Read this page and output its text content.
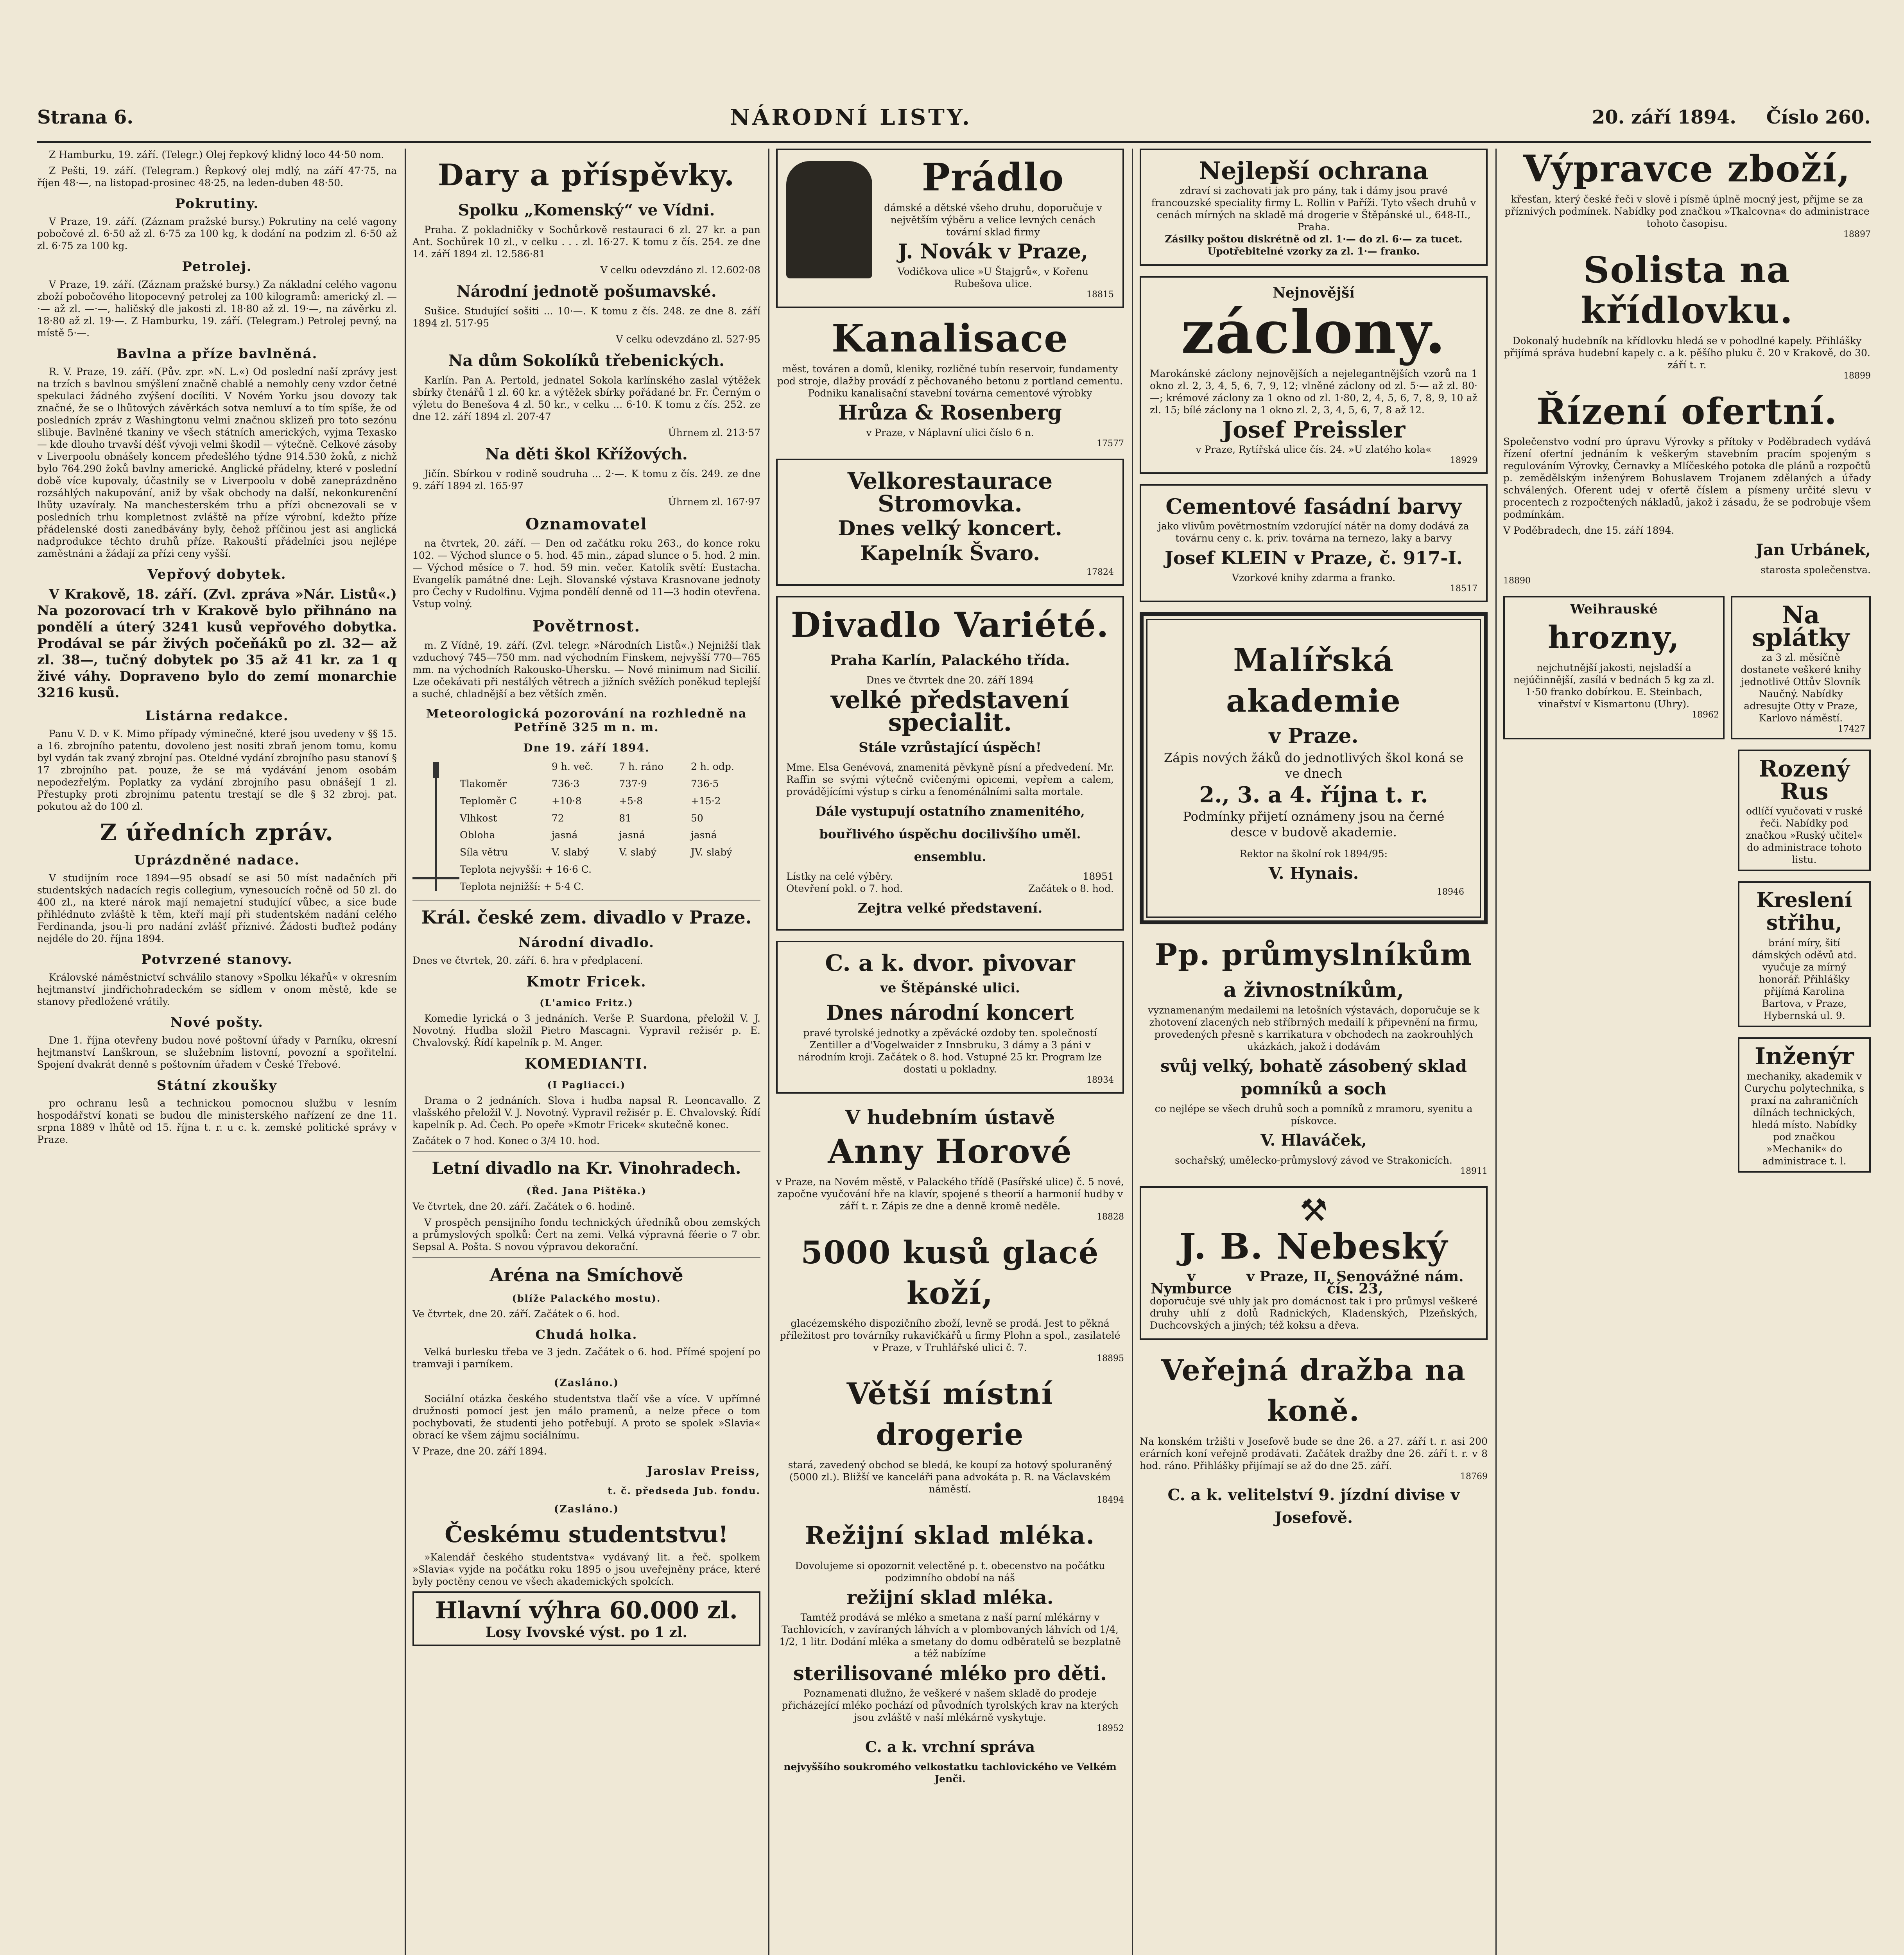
Strana 6.	NÁRODNÍ LISTY.	20. září 1894. Číslo 260.

Z Hamburku, 19. září. (Telegr.) Olej řepkový klidný loco 44·50 nom.

Z Pešti, 19. září. (Telegram.) Řepkový olej mdlý, na září 47·75, na říjen 48·—, na listopad-prosinec 48·25, na leden-duben 48·50.

Pokrutiny.

V Praze, 19. září. (Záznam pražské bursy.) Pokrutiny na celé vagony pobočové zl. 6·50 až zl. 6·75 za 100 kg, k dodání na podzim zl. 6·50 až zl. 6·75 za 100 kg.

Petrolej.

V Praze, 19. září. (Záznam pražské bursy.) Za nákladní celého vagonu zboží pobočového litopocevný petrolej za 100 kilogramů: americký zl. —·— až zl. —·—, haličský dle jakosti zl. 18·80 až zl. 19·—, na závěrku zl. 18·80 až zl. 19·—. Z Hamburku, 19. září. (Telegram.) Petrolej pevný, na místě 5·—.

Bavlna a příze bavlněná.

R. V. Praze, 19. září. (Pův. zpr. »N. L.«) Od poslední naší zprávy jest na trzích s bavlnou smýšlení značně chablé a nemohly ceny vzdor četné spekulaci žádného zvýšení docíliti. V Novém Yorku jsou dovozy tak značné, že se o lhůtových závěrkách sotva nemluví a to tím spíše, že od posledních zpráv z Washingtonu velmi značnou sklizeň pro toto sezónu slibuje. Bavlněné tkaniny ve všech státních amerických, vyjma Texasko — kde dlouho trvavší déšť vývoji velmi škodil — výtečně. Celkové zásoby v Liverpoolu obnášely koncem předešlého týdne 914.530 žoků, z nichž bylo 764.290 žoků bavlny americké. Anglické přádelny, které v poslední době více kupovaly, účastnily se v Liverpoolu v době zaneprázdněno rozsáhlých nakupování, aniž by však obchody na další, nekonkurenční lhůty uzavíraly. Na manchesterském trhu a přízi obcnezovali se v posledních trhu kompletnost zvláště na příze výrobní, kdežto příze přádelenské dosti zanedbávány byly, čehož příčinou jest asi anglická nadprodukce těchto druhů příze. Rakouští přádelníci jsou nejlépe zaměstnáni a žádají za přízi ceny vyšší.

Vepřový dobytek.

V Krakově, 18. září. (Zvl. zpráva »Nár. Listů«.) Na pozorovací trh v Krakově bylo přihnáno na pondělí a úterý 3241 kusů vepřového dobytka. Prodával se pár živých počeňáků po zl. 32— až zl. 38—, tučný dobytek po 35 až 41 kr. za 1 q živé váhy. Dopraveno bylo do zemí monarchie 3216 kusů.

Listárna redakce.

Panu V. D. v K. Mimo případy výminečné, které jsou uvedeny v §§ 15. a 16. zbrojního patentu, dovoleno jest nositi zbraň jenom tomu, komu byl vydán tak zvaný zbrojní pas. Oteldné vydání zbrojního pasu stanoví § 17 zbrojního pat. pouze, že se má vydávání jenom osobám nepodezřelým. Poplatky za vydání zbrojního pasu obnášejí 1 zl. Přestupky proti zbrojnímu patentu trestají se dle § 32 zbroj. pat. pokutou až do 100 zl.

Z úředních zpráv.
Uprázdněné nadace.

V studijním roce 1894—95 obsadí se asi 50 míst nadačních při studentských nadacích regis collegium, vynesoucích ročně od 50 zl. do 400 zl., na které nárok mají nemajetní studující vůbec, a sice bude přihlédnuto zvláště k těm, kteří mají při studentském nadání celého Ferdinanda, jsou-li pro nadání zvlášť příznivé. Žádosti buďtež podány nejdéle do 20. října 1894.

Potvrzené stanovy.

Královské náměstnictví schválilo stanovy »Spolku lékařů« v okresním hejtmanství jindřichohradeckém se sídlem v onom městě, kde se stanovy předložené vrátily.

Nové pošty.

Dne 1. října otevřeny budou nové poštovní úřady v Parníku, okresní hejtmanství Lanškroun, se služebním listovní, povozní a spořitelní. Spojení dvakrát denně s poštovním úřadem v České Třebové.

Státní zkoušky

pro ochranu lesů a technickou pomocnou službu v lesním hospodářství konati se budou dle ministerského nařízení ze dne 11. srpna 1889 v lhůtě od 15. října t. r. u c. k. zemské politické správy v Praze.

Dary a příspěvky.
Spolku „Komenský“ ve Vídni.

Praha. Z pokladničky v Sochůrkově restauraci 6 zl. 27 kr. a pan Ant. Sochůrek 10 zl., v celku . . . zl. 16·27. K tomu z čís. 254. ze dne 14. září 1894 zl. 12.586·81

V celku odevzdáno zl. 12.602·08
Národní jednotě pošumavské.

Sušice. Studující sošiti ... 10·—. K tomu z čís. 248. ze dne 8. září 1894 zl. 517·95

V celku odevzdáno zl. 527·95
Na dům Sokolíků třebenických.

Karlín. Pan A. Pertold, jednatel Sokola karlínského zaslal výtěžek sbírky čtenářů 1 zl. 60 kr. a výtěžek sbírky pořádané br. Fr. Černým o výletu do Benešova 4 zl. 50 kr., v celku ... 6·10. K tomu z čís. 252. ze dne 12. září 1894 zl. 207·47

Úhrnem zl. 213·57
Na děti škol Křížových.

Jičín. Sbírkou v rodině soudruha ... 2·—. K tomu z čís. 249. ze dne 9. září 1894 zl. 165·97

Úhrnem zl. 167·97
Oznamovatel

na čtvrtek, 20. září. — Den od začátku roku 263., do konce roku 102. — Východ slunce o 5. hod. 45 min., západ slunce o 5. hod. 2 min. — Východ měsíce o 7. hod. 59 min. večer. Katolík světí: Eustacha. Evangelík památné dne: Lejh. Slovanské výstava Krasnovane jednoty pro Čechy v Rudolfinu. Vyjma pondělí denně od 11—3 hodin otevřena. Vstup volný.

Povětrnost.

m. Z Vídně, 19. září. (Zvl. telegr. »Národních Listů«.) Nejnižší tlak vzduchový 745—750 mm. nad východním Finskem, nejvyšší 770—765 mm. na východních Rakousko-Uhersku. — Nové minimum nad Sicilií. Lze očekávati při nestálých větrech a jižních svěžích poněkud teplejší a suché, chladnější a bez větších změn.

Meteorologická pozorování na rozhledně na Petříně 325 m n. m.
Dne 19. září 1894.
	9 h. več.	7 h. ráno	2 h. odp.
Tlakoměr	736·3	737·9	736·5
Teploměr C	+10·8	+5·8	+15·2
Vlhkost	72	81	50
Obloha	jasná	jasná	jasná
Síla větru	V. slabý	V. slabý	JV. slabý
Teplota nejvyšší: + 16·6 C.			
Teplota nejnižší: + 5·4 C.			
Král. české zem. divadlo v Praze.
Národní divadlo.

Dnes ve čtvrtek, 20. září. 6. hra v předplacení.

Kmotr Fricek.
(L'amico Fritz.)

Komedie lyrická o 3 jednáních. Verše P. Suardona, přeložil V. J. Novotný. Hudba složil Pietro Mascagni. Vypravil režisér p. E. Chvalovský. Řídí kapelník p. M. Anger.

KOMEDIANTI.
(I Pagliacci.)

Drama o 2 jednáních. Slova i hudba napsal R. Leoncavallo. Z vlašského přeložil V. J. Novotný. Vypravil režisér p. E. Chvalovský. Řídí kapelník p. Ad. Čech. Po opeře »Kmotr Fricek« skutečně konec.

Začátek o 7 hod. Konec o 3/4 10. hod.

Letní divadlo na Kr. Vinohradech.
(Řed. Jana Pištěka.)

Ve čtvrtek, dne 20. září. Začátek o 6. hodině.

V prospěch pensijního fondu technických úředníků obou zemských a průmyslových spolků: Čert na zemi. Velká výpravná féerie o 7 obr. Sepsal A. Pošta. S novou výpravou dekorační.

Aréna na Smíchově
(blíže Palackého mostu).

Ve čtvrtek, dne 20. září. Začátek o 6. hod.

Chudá holka.

Velká burlesku třeba ve 3 jedn. Začátek o 6. hod. Přímé spojení po tramvaji i parníkem.

(Zasláno.)

Sociální otázka českého studentstva tlačí vše a více. V upřímné družnosti pomocí jest jen málo pramenů, a nelze přece o tom pochybovati, že studenti jeho potřebují. A proto se spolek »Slavia« obrací ke všem zájmu sociálnímu.

V Praze, dne 20. září 1894.

Jaroslav Preiss,
t. č. předseda Jub. fondu.
(Zasláno.)
Českému studentstvu!

»Kalendář českého studentstva« vydávaný lit. a řeč. spolkem »Slavia« vyjde na počátku roku 1895 o jsou uveřejněny práce, které byly poctěny cenou ve všech akademických spolcích.

Hlavní výhra 60.000 zl.
Losy Ivovské výst. po 1 zl.
Prádlo
dámské a dětské všeho druhu, doporučuje v největším výběru a velice levných cenách tovární sklad firmy
J. Novák v Praze,
Vodičkova ulice »U Štajgrů«, v Kořenu Rubešova ulice.
18815
Kanalisace
měst, továren a domů, kleniky, rozličné tubín reservoir, fundamenty pod stroje, dlažby provádí z pěchovaného betonu z portland cementu. Podniku kanalisační stavební továrna cementové výrobky
Hrůza & Rosenberg
v Praze, v Náplavní ulici číslo 6 n.
17577
Velkorestaurace Stromovka.
Dnes velký koncert.
Kapelník Švaro.
17824
Divadlo Variété.
Praha Karlín, Palackého třída.
Dnes ve čtvrtek dne 20. září 1894
velké představení specialit.
Stále vzrůstající úspěch!
Mme. Elsa Genévová, znamenitá pěvkyně písní a předvedení. Mr. Raffin se svými výtečně cvičenými opicemi, vepřem a calem, provádějícími výstup s cirku a fenoménálními salta mortale.
Dále vystupují ostatního znamenitého, bouřlivého úspěchu docilivšího uměl. ensemblu.
Lístky na celé výběry.	18951
Otevření pokl. o 7. hod.	Začátek o 8. hod.
Zejtra velké představení.
C. a k. dvor. pivovar
ve Štěpánské ulici.
Dnes národní koncert
pravé tyrolské jednotky a zpěvácké ozdoby ten. společností Zentiller a d'Vogelwaider z Innsbruku, 3 dámy a 3 páni v národním kroji. Začátek o 8. hod. Vstupné 25 kr. Program lze dostati u pokladny.
18934
V hudebním ústavě
Anny Horové
v Praze, na Novém městě, v Palackého třídě (Pasířské ulice) č. 5 nové, započne vyučování hře na klavír, spojené s theorií a harmonií hudby v září t. r. Zápis ze dne a denně kromě neděle.
18828
5000 kusů glacé koží,
glacézemského dispozičního zboží, levně se prodá. Jest to pěkná příležitost pro továrníky rukavičkářů u firmy Plohn a spol., zasilatelé v Praze, v Truhlářské ulici č. 7.
18895
Větší místní drogerie
stará, zavedený obchod se bledá, ke koupí za hotový spoluraněný (5000 zl.). Bližší ve kanceláři pana advokáta p. R. na Václavském náměstí.
18494
Režijní sklad mléka.
Dovolujeme si opozornit velectěné p. t. obecenstvo na počátku podzimního období na náš
režijní sklad mléka.
Tamtéž prodává se mléko a smetana z naší parní mlékárny v Tachlovicích, v zavíraných láhvích a v plombovaných láhvích od 1/4, 1/2, 1 litr. Dodání mléka a smetany do domu odběratelů se bezplatně a též nabízíme
sterilisované mléko pro děti.
Poznamenati dlužno, že veškeré v našem skladě do prodeje přicházející mléko pochází od původních tyrolských krav na kterých jsou zvláště v naší mlékárně vyskytuje.
18952
C. a k. vrchní správa
nejvyššího soukromého velkostatku tachlovického ve Velkém Jenči.
Nejlepší ochrana
zdraví si zachovati jak pro pány, tak i dámy jsou pravé francouzské speciality firmy L. Rollin v Paříži. Tyto všech druhů v cenách mírných na skladě má drogerie v Štěpánské ul., 648-II., Praha.
Zásilky poštou diskrétně od zl. 1·— do zl. 6·— za tucet. Upotřebitelné vzorky za zl. 1·— franko.
Nejnovější
záclony.
Marokánské záclony nejnovějších a nejelegantnějších vzorů na 1 okno zl. 2, 3, 4, 5, 6, 7, 9, 12; vlněné záclony od zl. 5·— až zl. 80·—; krémové záclony za 1 okno od zl. 1·80, 2, 4, 5, 6, 7, 8, 9, 10 až zl. 15; bílé záclony na 1 okno zl. 2, 3, 4, 5, 6, 7, 8 až 12.
Josef Preissler
v Praze, Rytířská ulice čís. 24. »U zlatého kola«
18929
Cementové fasádní barvy
jako vlivům povětrnostním vzdorující nátěr na domy dodává za továrnu ceny c. k. priv. továrna na ternezo, laky a barvy
Josef KLEIN v Praze, č. 917-I.
Vzorkové knihy zdarma a franko.
18517
Malířská akademie
v Praze.
Zápis nových žáků do jednotlivých škol koná se ve dnech
2., 3. a 4. října t. r.
Podmínky přijetí oznámeny jsou na černé desce v budově akademie.
Rektor na školní rok 1894/95:
V. Hynais.
18946
Pp. průmyslníkům
a živnostníkům,
vyznamenaným medailemi na letošních výstavách, doporučuje se k zhotovení zlacených neb stříbrných medailí k připevnění na firmu, provedených přesně s karrikatura v obchodech na zaokrouhlých ukázkách, jakož i dodávám
svůj velký, bohatě zásobený sklad pomníků a soch
co nejlépe se všech druhů soch a pomníků z mramoru, syenitu a pískovce.
V. Hlaváček,
sochařský, umělecko-průmyslový závod ve Strakonicích.
18911
⚒
J. B. Nebeský
v Nymburce
v Praze, II, Senovážné nám. čís. 23,
doporučuje své uhly jak pro domácnost tak i pro průmysl veškeré druhy uhlí z dolů Radnických, Kladenských, Plzeňských, Duchcovských a jiných; též koksu a dřeva.
Veřejná dražba na koně.
Na konském tržišti v Josefově bude se dne 26. a 27. září t. r. asi 200 erárních koní veřejně prodávati. Začátek dražby dne 26. září t. r. v 8 hod. ráno. Přihlášky přijímají se až do dne 25. září.
18769
C. a k. velitelství 9. jízdní divise v Josefově.
Výpravce zboží,
křesťan, který české řeči v slově i písmě úplně mocný jest, přijme se za příznivých podmínek. Nabídky pod značkou »Tkalcovna« do administrace tohoto časopisu.
18897
Solista na křídlovku.
Dokonalý hudebník na křídlovku hledá se v pohodlné kapely. Přihlášky přijímá správa hudební kapely c. a k. pěšího pluku č. 20 v Krakově, do 30. září t. r.
18899
Řízení ofertní.
Společenstvo vodní pro úpravu Výrovky s přítoky v Poděbradech vydává řízení ofertní jednáním k veškerým stavebním pracím spojeným s regulováním Výrovky, Černavky a Mlíčeského potoka dle plánů a rozpočtů p. zemědělským inženýrem Bohuslavem Trojanem zdělaných a úřady schválených. Oferent udej v ofertě číslem a písmeny určité slevu v procentech z rozpočtených nákladů, jakož i zásadu, že se podrobuje všem podmínkám.
V Poděbradech, dne 15. září 1894.
Jan Urbánek,
starosta společenstva.
18890
Weihrauské
hrozny,
nejchutnější jakosti, nejsladší a nejúčinnější, zasílá v bednách 5 kg za zl. 1·50 franko dobírkou. E. Steinbach, vinařství v Kismartonu (Uhry).
18962
Na splátky
za 3 zl. měsíčně dostanete veškeré knihy jednotlivé Ottův Slovník Naučný. Nabídky adresujte Otty v Praze, Karlovo náměstí.
17427
Rozený Rus
odlíčí vyučovati v ruské řeči. Nabídky pod značkou »Ruský učitel« do administrace tohoto listu.
Kreslení střihu,
brání míry, šití dámských oděvů atd. vyučuje za mírný honorář. Přihlášky přijímá Karolina Bartova, v Praze, Hybernská ul. 9.
Inženýr
mechaniky, akademik v Curychu polytechnika, s praxí na zahraničních dílnách technických, hledá místo. Nabídky pod značkou »Mechanik« do administrace t. l.
